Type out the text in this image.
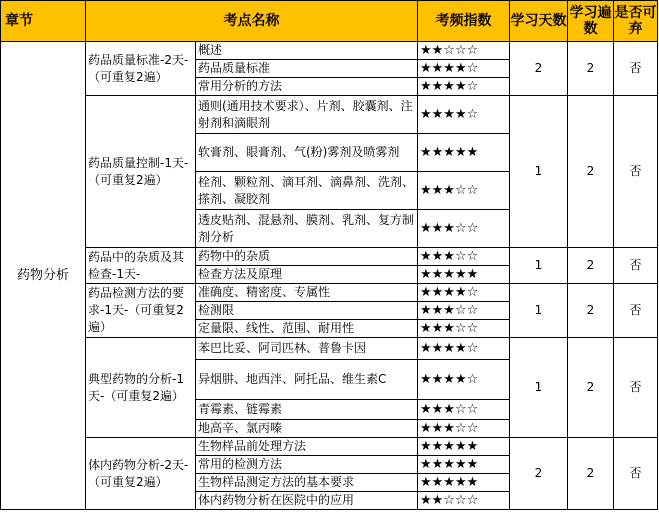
章节	考点名称		考频指数	学习天数	学习遍数	是否可弃
药物分析	药品质量标准-2天-（可重复2遍）	概述	★★☆☆☆	2	2	否
		药品质量标准	★★★★☆			
		常用分析的方法	★★★★☆			
	药品质量控制-1天-（可重复2遍）	通则(通用技术要求）、片剂、胶囊剂、注射剂和滴眼剂	★★★★☆	1	2	否
		软膏剂、眼膏剂、气(粉)雾剂及喷雾剂	★★★★★			
		栓剂、颗粒剂、滴耳剂、滴鼻剂、洗剂、搽剂、凝胶剂	★★★☆☆			
		透皮贴剂、混悬剂、膜剂、乳剂、复方制剂分析	★★★☆☆			
	药品中的杂质及其检查-1天-	药物中的杂质	★★★☆☆	1	2	否
		检查方法及原理	★★★★★			
	药品检测方法的要求-1天-（可重复2遍）	准确度、精密度、专属性	★★★★☆	1	2	否
		检测限	★★★☆☆			
		定量限、线性、范围、耐用性	★★★☆☆			
	典型药物的分析-1天-（可重复2遍）	苯巴比妥、阿司匹林、普鲁卡因	★★★★☆	1	2	否
		异烟肼、地西泮、阿托品、维生素C	★★★★☆			
		青霉素、链霉素	★★★☆☆			
		地高辛、氯丙嗪	★★★☆☆			
	体内药物分析-2天-（可重复2遍）	生物样品前处理方法	★★★★★	2	2	否
		常用的检测方法	★★★★★			
		生物样品测定方法的基本要求	★★★★★			
		体内药物分析在医院中的应用	★★☆☆☆			
